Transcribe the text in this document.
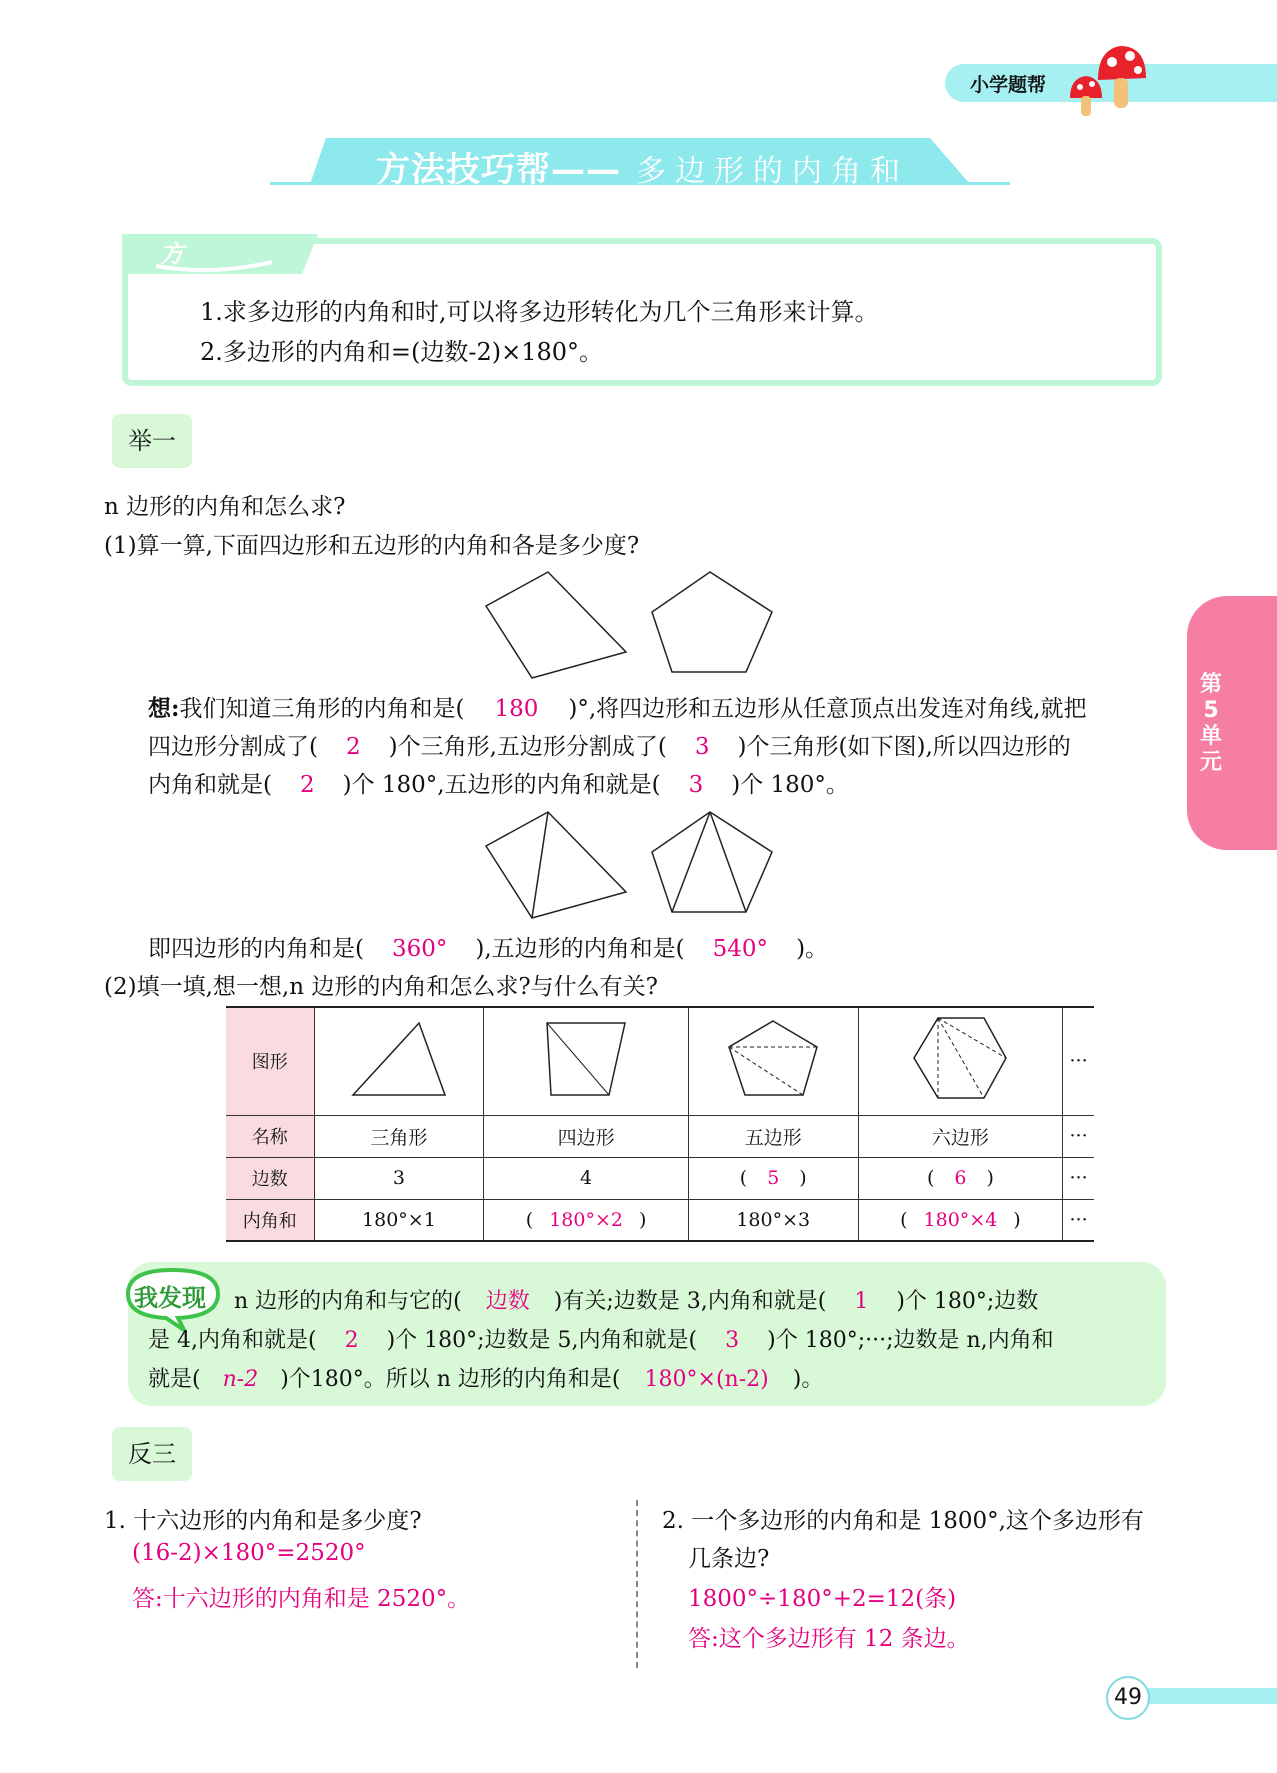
小学题帮
方法技巧帮—— 多边形的内角和
方法指导
1.求多边形的内角和时,可以将多边形转化为几个三角形来计算。
2.多边形的内角和=(边数-2)×180°。
举一
n 边形的内角和怎么求?
(1)算一算,下面四边形和五边形的内角和各是多少度?
想:我们知道三角形的内角和是( 180 )°,将四边形和五边形从任意顶点出发连对角线,就把
四边形分割成了( 2 )个三角形,五边形分割成了( 3 )个三角形(如下图),所以四边形的
内角和就是( 2 )个 180°,五边形的内角和就是( 3 )个 180°。
即四边形的内角和是( 360° ),五边形的内角和是( 540° )。
(2)填一填,想一想,n 边形的内角和怎么求?与什么有关?
第5单元
图形					···
名称	三角形	四边形	五边形	六边形	···
边数	3	4	( 5 )	( 6 )	···
内角和	180°×1	( 180°×2 )	180°×3	( 180°×4 )	···
我发现 n 边形的内角和与它的( 边数 )有关;边数是 3,内角和就是( 1 )个 180°;边数
是 4,内角和就是( 2 )个 180°;边数是 5,内角和就是( 3 )个 180°;···;边数是 n,内角和
就是( n-2 )个180°。所以 n 边形的内角和是( 180°×(n-2) )。
反三
1. 十六边形的内角和是多少度?
(16-2)×180°=2520°
答:十六边形的内角和是 2520°。
2. 一个多边形的内角和是 1800°,这个多边形有
几条边?
1800°÷180°+2=12(条)
答:这个多边形有 12 条边。
49
